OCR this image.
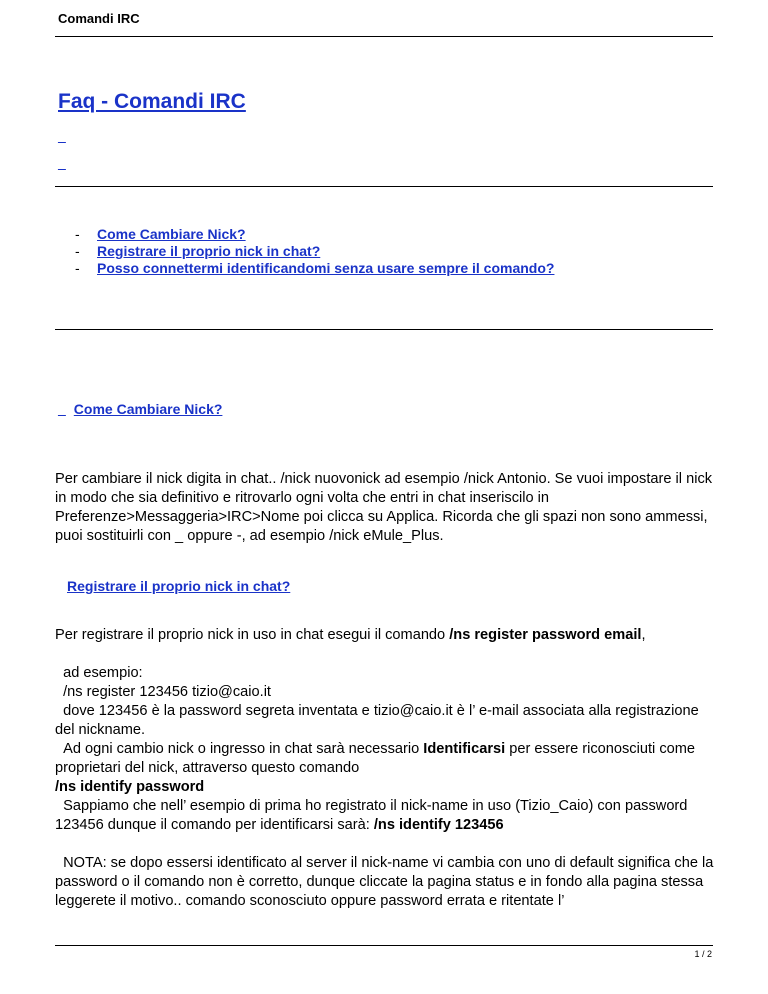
Comandi IRC
Faq - Comandi IRC
_
_
-	Come Cambiare Nick?
-	Registrare il proprio nick in chat?
-	Posso connettermi identificandomi senza usare sempre il comando?
_ Come Cambiare Nick?

Per cambiare il nick digita in chat.. /nick nuovonick ad esempio /nick Antonio. Se vuoi impostare il nick in modo che sia definitivo e ritrovarlo ogni volta che entri in chat inseriscilo in Preferenze>Messaggeria>IRC>Nome poi clicca su Applica. Ricorda che gli spazi non sono ammessi, puoi sostituirli con _ oppure -, ad esempio /nick eMule_Plus.

Registrare il proprio nick in chat?

Per registrare il proprio nick in uso in chat esegui il comando /ns register password email,

ad esempio:

/ns register 123456 tizio@caio.it

dove 123456 è la password segreta inventata e tizio@caio.it è l’ e-mail associata alla registrazione del nickname.

Ad ogni cambio nick o ingresso in chat sarà necessario Identificarsi per essere riconosciuti come proprietari del nick, attraverso questo comando

/ns identify password

Sappiamo che nell’ esempio di prima ho registrato il nick-name in uso (Tizio_Caio) con password 123456 dunque il comando per identificarsi sarà: /ns identify 123456

NOTA: se dopo essersi identificato al server il nick-name vi cambia con uno di default significa che la password o il comando non è corretto, dunque cliccate la pagina status e in fondo alla pagina stessa leggerete il motivo.. comando sconosciuto oppure password errata e ritentate l’

1 / 2
